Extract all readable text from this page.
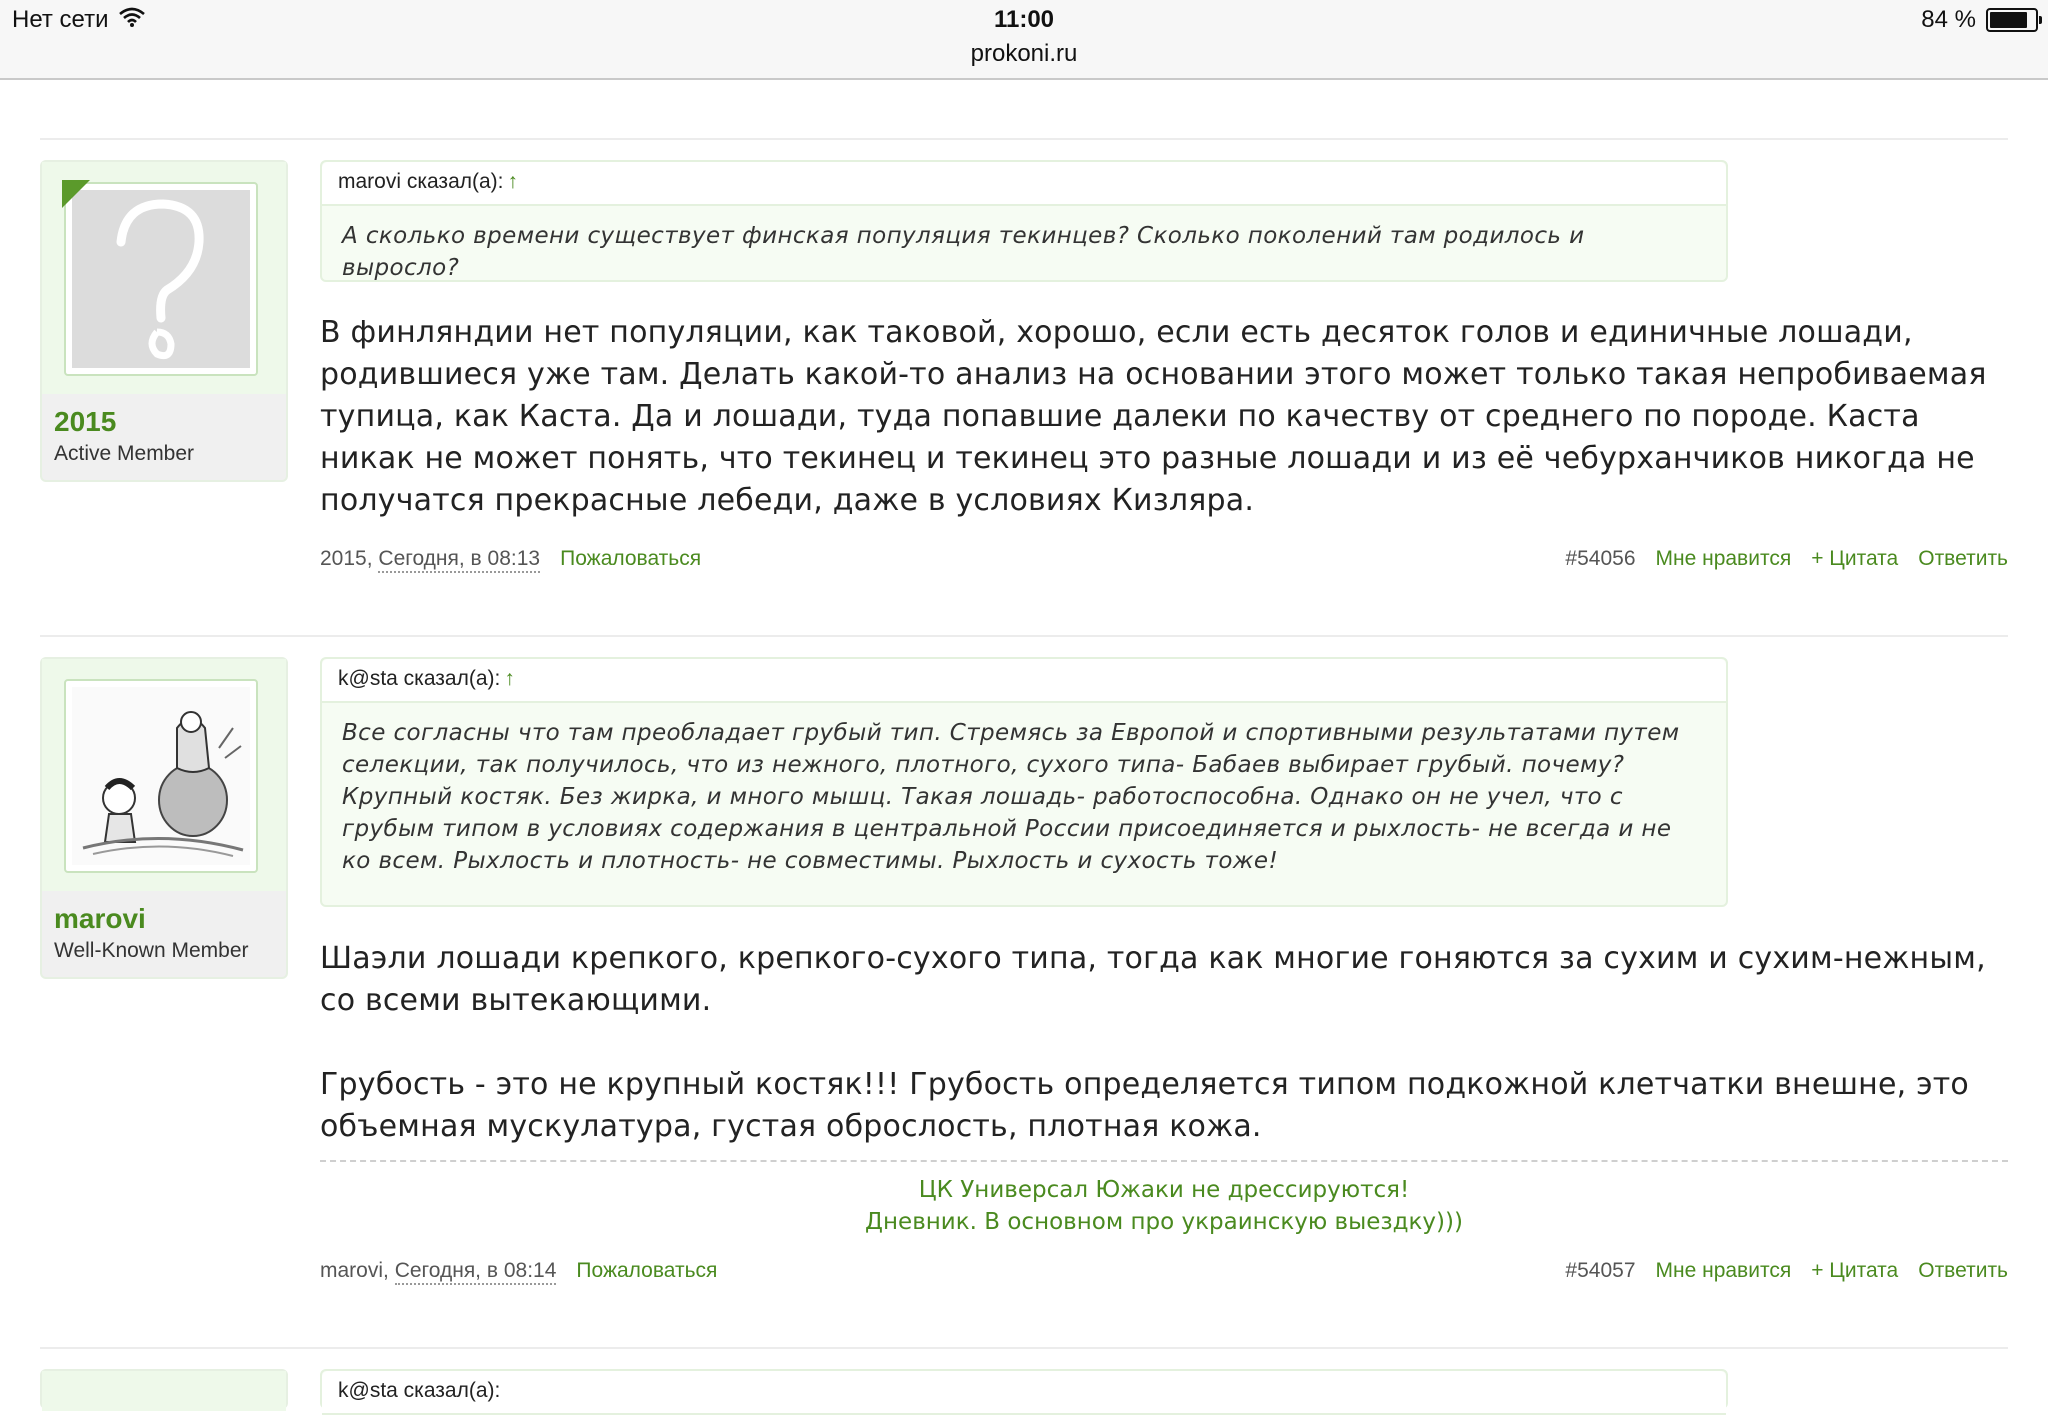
Нет сети	11:00
prokoni.ru
84 %
2015
Active Member
marovi сказал(а): ↑
А сколько времени существует финская популяция текинцев? Сколько поколений там родилось и выросло?

В финляндии нет популяции, как таковой, хорошо, если есть десяток голов и единичные лошади, родившиеся уже там. Делать какой-то анализ на основании этого может только такая непробиваемая тупица, как Каста. Да и лошади, туда попавшие далеки по качеству от среднего по породе. Каста никак не может понять, что текинец и текинец это разные лошади и из её чебурханчиков никогда не получатся прекрасные лебеди, даже в условиях Кизляра.

2015, Сегодня, в 08:13 Пожаловаться	#54056 Мне нравится + Цитата Ответить
marovi
Well-Known Member
k@sta сказал(а): ↑
Все согласны что там преобладает грубый тип. Стремясь за Европой и спортивными результатами путем селекции, так получилось, что из нежного, плотного, сухого типа- Бабаев выбирает грубый. почему? Крупный костяк. Без жирка, и много мышц. Такая лошадь- работоспособна. Однако он не учел, что с грубым типом в условиях содержания в центральной России присоединяется и рыхлость- не всегда и не ко всем. Рыхлость и плотность- не совместимы. Рыхлость и сухость тоже!

Шаэли лошади крепкого, крепкого-сухого типа, тогда как многие гоняются за сухим и сухим-нежным, со всеми вытекающими.

Грубость - это не крупный костяк!!! Грубость определяется типом подкожной клетчатки внешне, это объемная мускулатура, густая оброслость, плотная кожа.

ЦК Универсал Южаки не дрессируются!
Дневник. В основном про украинскую выездку)))
marovi, Сегодня, в 08:14 Пожаловаться	#54057 Мне нравится + Цитата Ответить
k@sta сказал(а):
